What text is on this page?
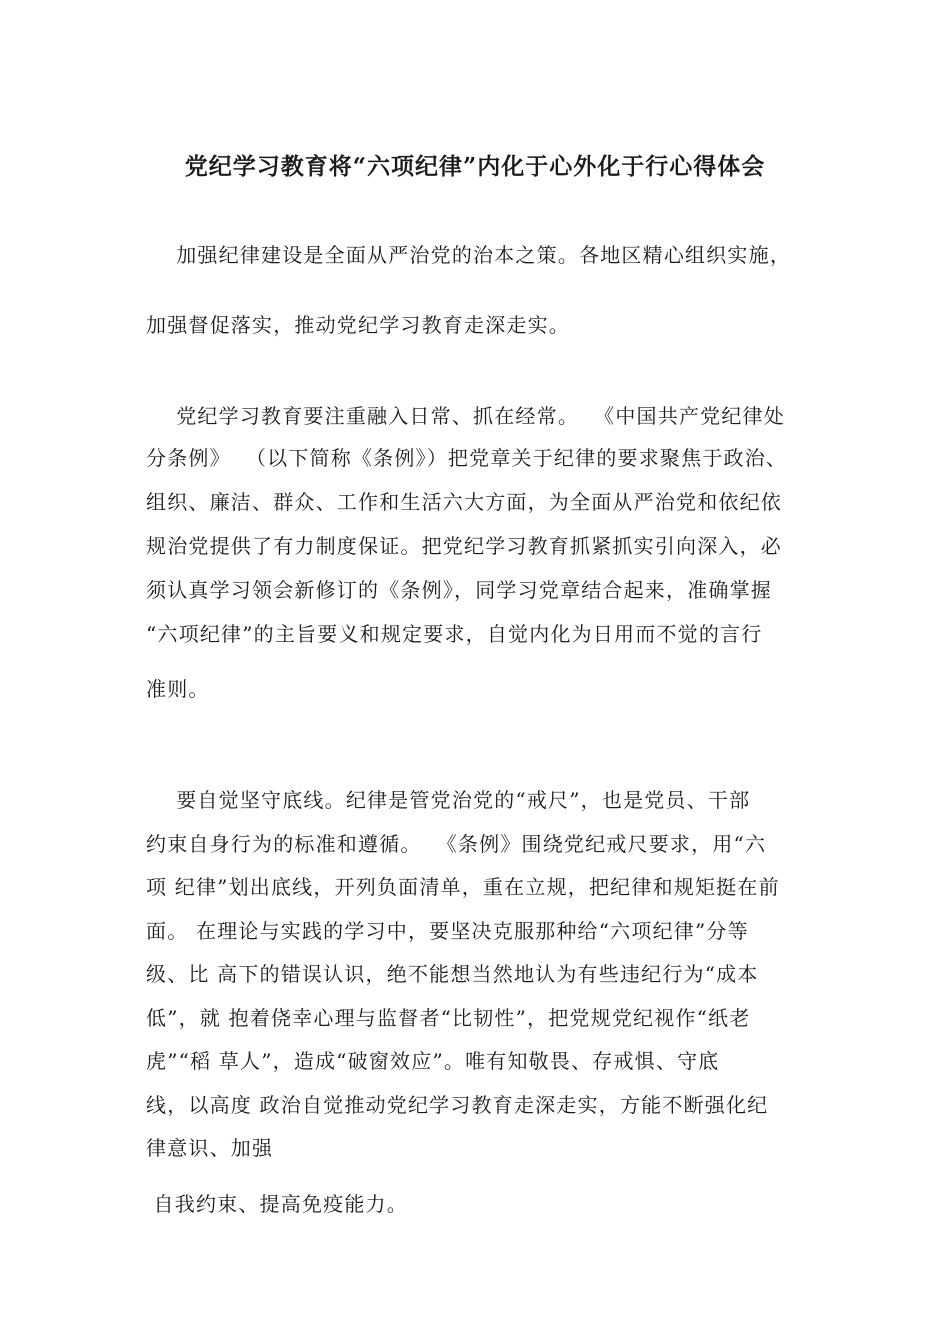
党纪学习教育将“六项纪律”内化于心外化于行心得体会
加强纪律建设是全面从严治党的治本之策。各地区精心组织实施，
加强督促落实，推动党纪学习教育走深走实。
党纪学习教育要注重融入日常、抓在经常。  《中国共产党纪律处
分条例》  （以下简称《条例》）把党章关于纪律的要求聚焦于政治、
组织、廉洁、群众、工作和生活六大方面，为全面从严治党和依纪依
规治党提供了有力制度保证。把党纪学习教育抓紧抓实引向深入，必
须认真学习领会新修订的《条例》，同学习党章结合起来，准确掌握
“六项纪律”的主旨要义和规定要求，自觉内化为日用而不觉的言行
准则。
要自觉坚守底线。纪律是管党治党的“戒尺”，也是党员、干部
约束自身行为的标准和遵循。  《条例》围绕党纪戒尺要求，用“六
项 纪律”划出底线，开列负面清单，重在立规，把纪律和规矩挺在前
面。 在理论与实践的学习中，要坚决克服那种给“六项纪律”分等
级、比 高下的错误认识，绝不能想当然地认为有些违纪行为“成本
低”，就 抱着侥幸心理与监督者“比韧性”，把党规党纪视作“纸老
虎”“稻 草人”，造成“破窗效应”。唯有知敬畏、存戒惧、守底
线，以高度 政治自觉推动党纪学习教育走深走实，方能不断强化纪
律意识、加强
自我约束、提高免疫能力。
